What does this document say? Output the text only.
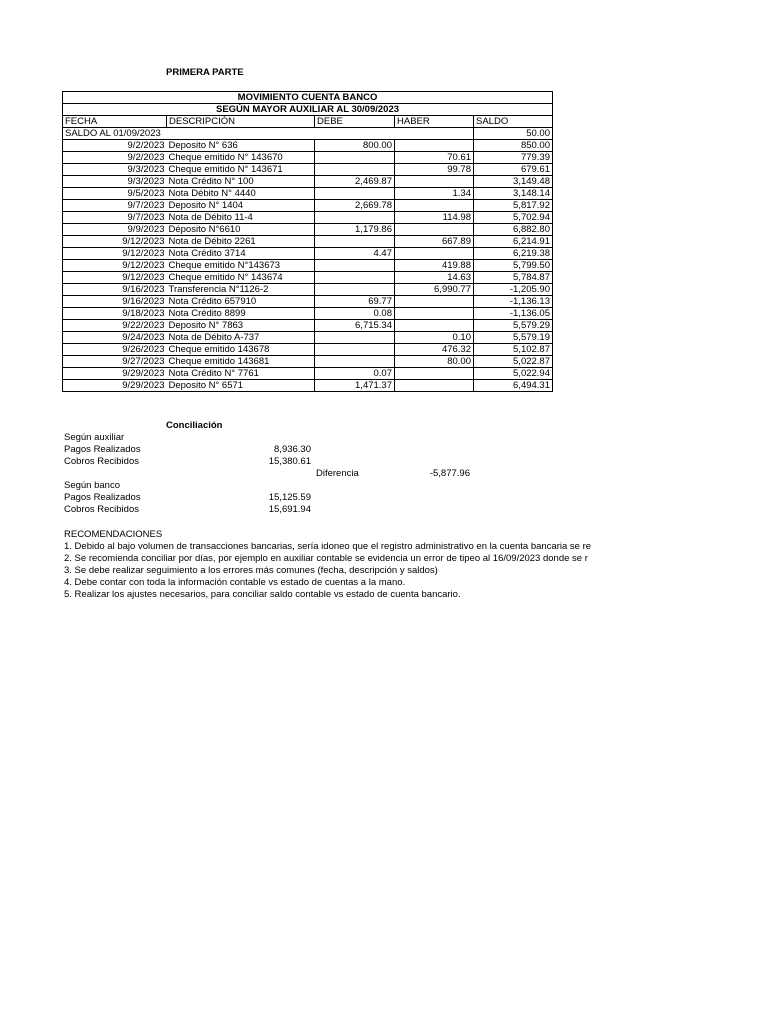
PRIMERA PARTE
MOVIMIENTO CUENTA BANCO				
SEGÚN MAYOR AUXILIAR AL 30/09/2023				
FECHA	DESCRIPCIÓN	DEBE	HABER	SALDO
SALDO AL 01/09/2023				50.00
9/2/2023	Deposito N° 636	800.00		850.00
9/2/2023	Cheque emitido N° 143670		70.61	779.39
9/3/2023	Cheque emitido N° 143671		99.78	679.61
9/3/2023	Nota Crédito N° 100	2,469.87		3,149.48
9/5/2023	Nota Débito N° 4440		1.34	3,148.14
9/7/2023	Deposito N° 1404	2,669.78		5,817.92
9/7/2023	Nota de Débito 11-4		114.98	5,702.94
9/9/2023	Déposito N°6610	1,179.86		6,882.80
9/12/2023	Nota de Débito 2261		667.89	6,214.91
9/12/2023	Nota Crédito 3714	4.47		6,219.38
9/12/2023	Cheque emitido N°143673		419.88	5,799.50
9/12/2023	Cheque emitido N° 143674		14.63	5,784.87
9/16/2023	Transferencia N°1126-2		6,990.77	-1,205.90
9/16/2023	Nota Crédito 657910	69.77		-1,136.13
9/18/2023	Nota Crédito 8899	0.08		-1,136.05
9/22/2023	Deposito N° 7863	6,715.34		5,579.29
9/24/2023	Nota de Débito A-737		0.10	5,579.19
9/26/2023	Cheque emitido 143678		476.32	5,102.87
9/27/2023	Cheque emitido 143681		80.00	5,022.87
9/29/2023	Nota Crédito N° 7761	0.07		5,022.94
9/29/2023	Deposito N° 6571	1,471.37		6,494.31
Conciliación
Según auxiliar
Pagos Realizados	8,936.30
Cobros Recibidos	15,380.61
Diferencia	-5,877.96
Según banco
Pagos Realizados	15,125.59
Cobros Recibidos	15,691.94
RECOMENDACIONES
1. Debido al bajo volumen de transacciones bancarias, sería idoneo que el registro administrativo en la cuenta bancaria se re
2. Se recomienda conciliar por días, por ejemplo en auxiliar contable se evidencia un error de tipeo al 16/09/2023 donde se r
3. Se debe realizar seguimiento a los errores más comunes (fecha, descripción y saldos)
4. Debe contar con toda la información contable vs estado de cuentas a la mano.
5. Realizar los ajustes necesarios, para conciliar saldo contable vs estado de cuenta bancario.
